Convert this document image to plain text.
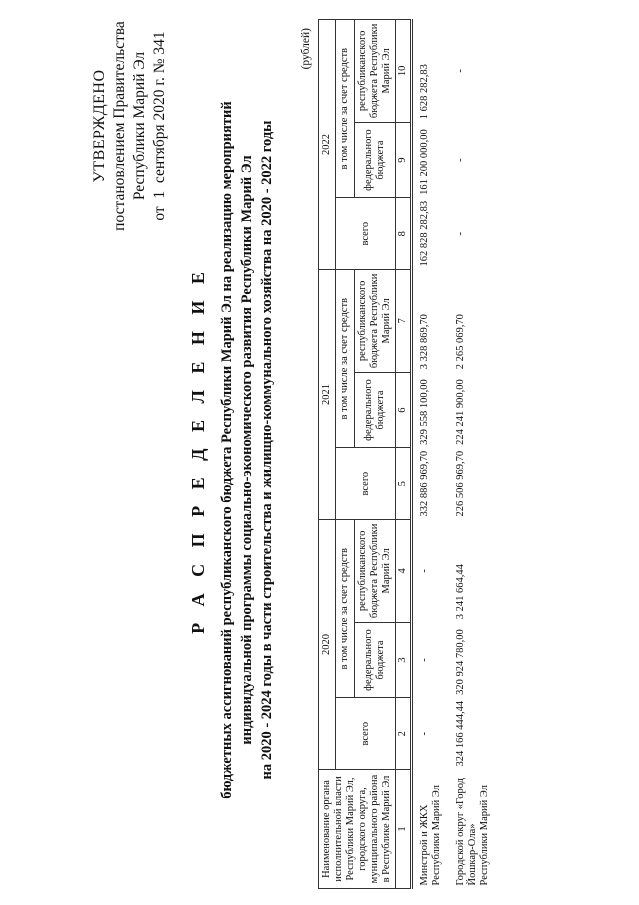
УТВЕРЖДЕНО постановлением Правительства Республики Марий Эл от  1  сентября 2020 г. № 341
Р А С П Р Е Д Е Л Е Н И Е бюджетных ассигнований республиканского бюджета Республики Марий Эл на реализацию мероприятий индивидуальной программы социально-экономического развития Республики Марий Эл на 2020 - 2024 годы в части строительства и жилищно-коммунального хозяйства на 2020 - 2022 годы
(рублей)
Наименование органа исполнительной власти Республики Марий Эл, городского округа, муниципального района в Республике Марий Эл	2020			2021			2022		
	всего	в том числе за счет средств		всего	в том числе за счет средств		всего	в том числе за счет средств	
		федерального бюджета	республиканского бюджета Республики Марий Эл		федерального бюджета	республиканского бюджета Республики Марий Эл		федерального бюджета	республиканского бюджета Республики Марий Эл
1	2	3	4	5	6	7	8	9	10
Минстрой и ЖКХ Республики Марий Эл	-	-	-	332 886 969,70	329 558 100,00	3 328 869,70	162 828 282,83	161 200 000,00	1 628 282,83
Городской округ «Город Йошкар-Ола» Республики Марий Эл	324 166 444,44	320 924 780,00	3 241 664,44	226 506 969,70	224 241 900,00	2 265 069,70	-	-	-
